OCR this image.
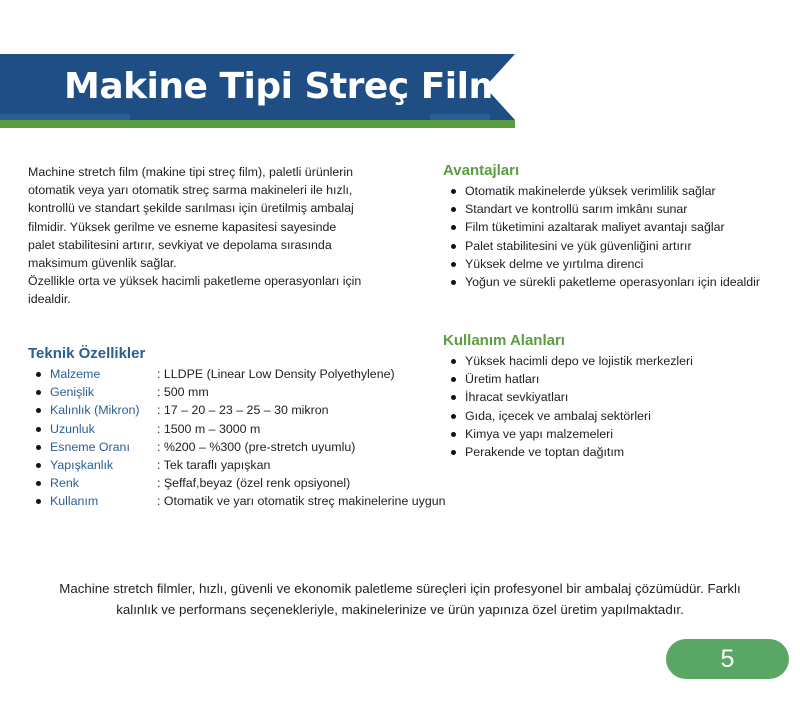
Makine Tipi Streç Film

Machine stretch film (makine tipi streç film), paletli ürünlerin otomatik veya yarı otomatik streç sarma makineleri ile hızlı, kontrollü ve standart şekilde sarılması için üretilmiş ambalaj filmidir. Yüksek gerilme ve esneme kapasitesi sayesinde palet stabilitesini artırır, sevkiyat ve depolama sırasında maksimum güvenlik sağlar.

Özellikle orta ve yüksek hacimli paketleme operasyonları için idealdir.

Avantajları
Otomatik makinelerde yüksek verimlilik sağlar
Standart ve kontrollü sarım imkânı sunar
Film tüketimini azaltarak maliyet avantajı sağlar
Palet stabilitesini ve yük güvenliğini artırır
Yüksek delme ve yırtılma direnci
Yoğun ve sürekli paketleme operasyonları için idealdir
Kullanım Alanları
Yüksek hacimli depo ve lojistik merkezleri
Üretim hatları
İhracat sevkiyatları
Gıda, içecek ve ambalaj sektörleri
Kimya ve yapı malzemeleri
Perakende ve toptan dağıtım
Teknik Özellikler
Malzeme	: LLDPE (Linear Low Density Polyethylene)
Genişlik	: 500 mm
Kalınlık (Mikron) : 17 – 20 – 23 – 25 – 30 mikron
Uzunluk	: 1500 m – 3000 m
Esneme Oranı : %200 – %300 (pre-stretch uyumlu)
Yapışkanlık	: Tek taraflı yapışkan
Renk	: Şeffaf,beyaz (özel renk opsiyonel)
Kullanım	: Otomatik ve yarı otomatik streç makinelerine uygun
Machine stretch filmler, hızlı, güvenli ve ekonomik paletleme süreçleri için profesyonel bir ambalaj çözümüdür. Farklı kalınlık ve performans seçenekleriyle, makinelerinize ve ürün yapınıza özel üretim yapılmaktadır.
5
